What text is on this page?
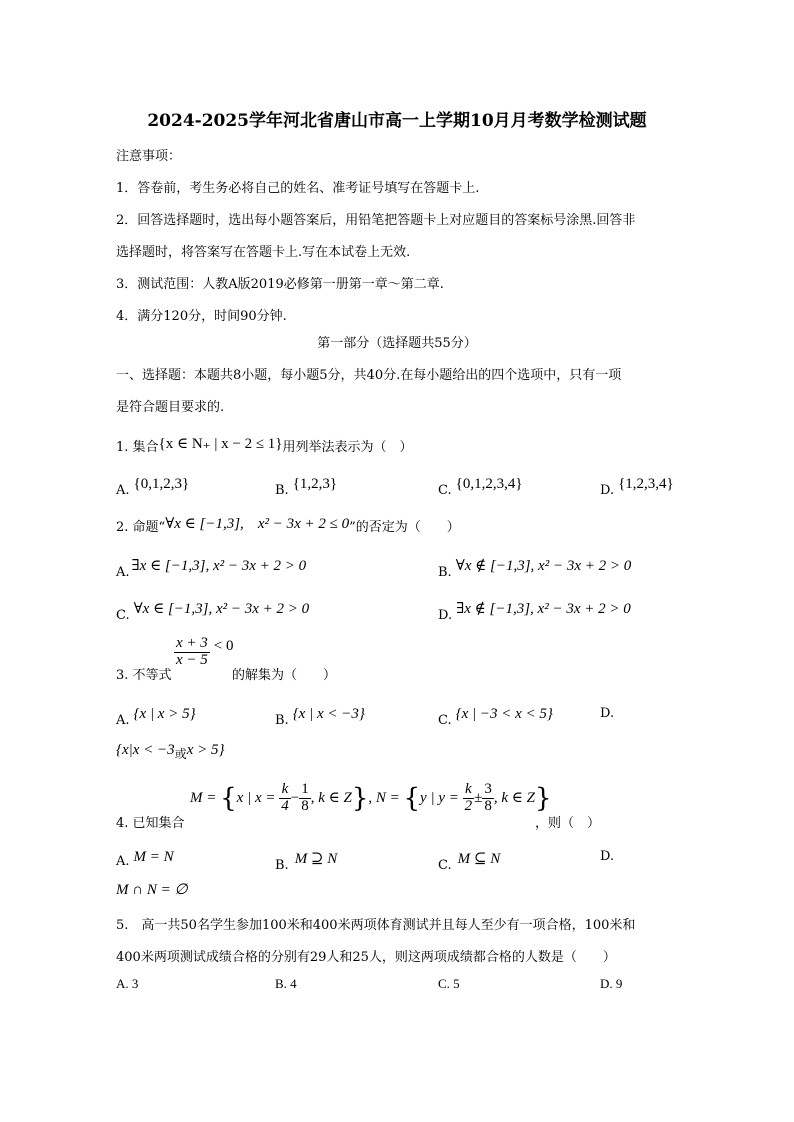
2024-2025学年河北省唐山市高一上学期10月月考数学检测试题
注意事项：
1．答卷前，考生务必将自己的姓名、准考证号填写在答题卡上.
2．回答选择题时，选出每小题答案后，用铅笔把答题卡上对应题目的答案标号涂黑.回答非
选择题时，将答案写在答题卡上.写在本试卷上无效.
3．测试范围：人教A版2019必修第一册第一章～第二章.
4．满分120分，时间90分钟.
第一部分（选择题共55分）
一、选择题：本题共8小题，每小题5分，共40分.在每小题给出的四个选项中，只有一项
是符合题目要求的.
1. 集合{x ∈ N₊ | x − 2 ≤ 1}用列举法表示为（　）
A. {0,1,2,3}	B. {1,2,3}	C. {0,1,2,3,4}	D. {1,2,3,4}
2. 命题“∀x ∈ [−1,3], x² − 3x + 2 ≤ 0”的否定为（　　）
A. ∃x ∈ [−1,3], x² − 3x + 2 > 0	B. ∀x ∉ [−1,3], x² − 3x + 2 > 0
C. ∀x ∈ [−1,3], x² − 3x + 2 > 0	D. ∃x ∉ [−1,3], x² − 3x + 2 > 0
3. 不等式
$\frac{x + 3}{x - 5} < 0$
的解集为（　　）
A. {x | x > 5}	B. {x | x < −3}	C. {x | −3 < x < 5}	D.
{x|x < −3或x > 5}
4. 已知集合
M = {x | $x = \frac{k}{4} - \frac{1}{8}$ , k ∈ Z}, N = {y | $y = \frac{k}{2} \pm \frac{3}{8}$ , k ∈ Z}
，则（　）
A. M = N
B. M ⊇ N	C. M ⊆ N	D.
M ∩ N = ∅
5.　高一共50名学生参加100米和400米两项体育测试并且每人至少有一项合格，100米和
400米两项测试成绩合格的分别有29人和25人，则这两项成绩都合格的人数是（　　）
A. 3	B. 4	C. 5	D. 9
